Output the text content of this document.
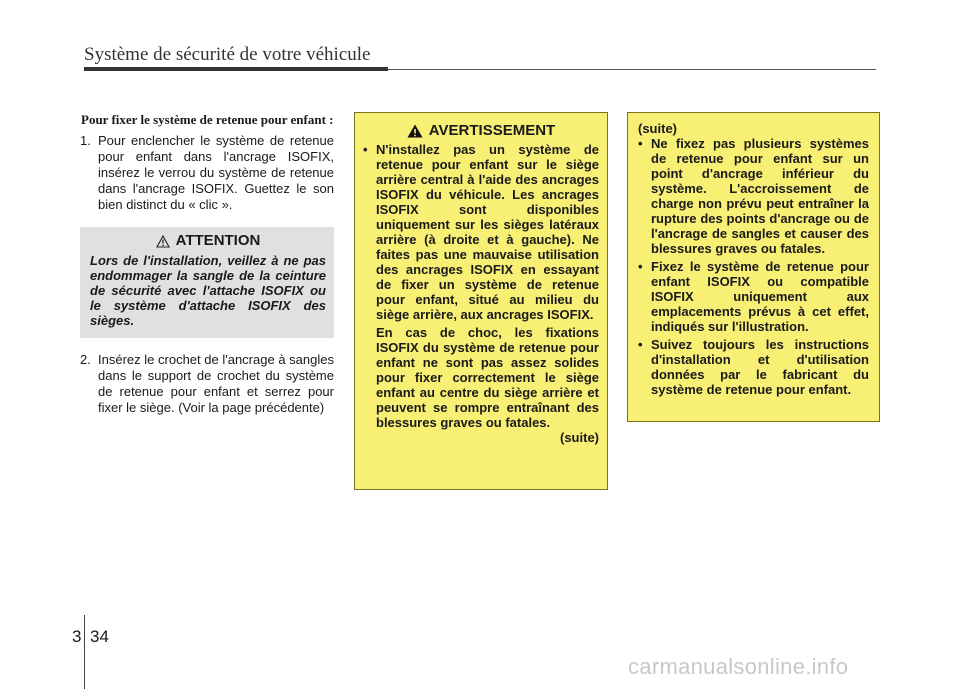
Système de sécurité de votre véhicule
Pour fixer le système de retenue pour enfant :
1. Pour enclencher le système de retenue pour enfant dans l'ancrage ISOFIX, insérez le verrou du système de retenue dans l'ancrage ISOFIX. Guettez le son bien distinct du « clic ».
ATTENTION
Lors de l'installation, veillez à ne pas endommager la sangle de la ceinture de sécurité avec l'attache ISOFIX ou le système d'attache ISOFIX des sièges.
2. Insérez le crochet de l'ancrage à sangles dans le support de crochet du système de retenue pour enfant et serrez pour fixer le siège. (Voir la page précédente)
AVERTISSEMENT
• N'installez pas un système de retenue pour enfant sur le siège arrière central à l'aide des ancrages ISOFIX du véhicule. Les ancrages ISOFIX sont disponibles uniquement sur les sièges latéraux arrière (à droite et à gauche). Ne faites pas une mauvaise utilisation des ancrages ISOFIX en essayant de fixer un système de retenue pour enfant, situé au milieu du siège arrière, aux ancrages ISOFIX.
En cas de choc, les fixations ISOFIX du système de retenue pour enfant ne sont pas assez solides pour fixer correctement le siège enfant au centre du siège arrière et peuvent se rompre entraînant des blessures graves ou fatales.
(suite)
(suite)
• Ne fixez pas plusieurs systèmes de retenue pour enfant sur un point d'ancrage inférieur du système. L'accroissement de charge non prévu peut entraîner la rupture des points d'ancrage ou de l'ancrage de sangles et causer des blessures graves ou fatales.
• Fixez le système de retenue pour enfant ISOFIX ou compatible ISOFIX uniquement aux emplacements prévus à cet effet, indiqués sur l'illustration.
• Suivez toujours les instructions d'installation et d'utilisation données par le fabricant du système de retenue pour enfant.
3 34
carmanualsonline.info
